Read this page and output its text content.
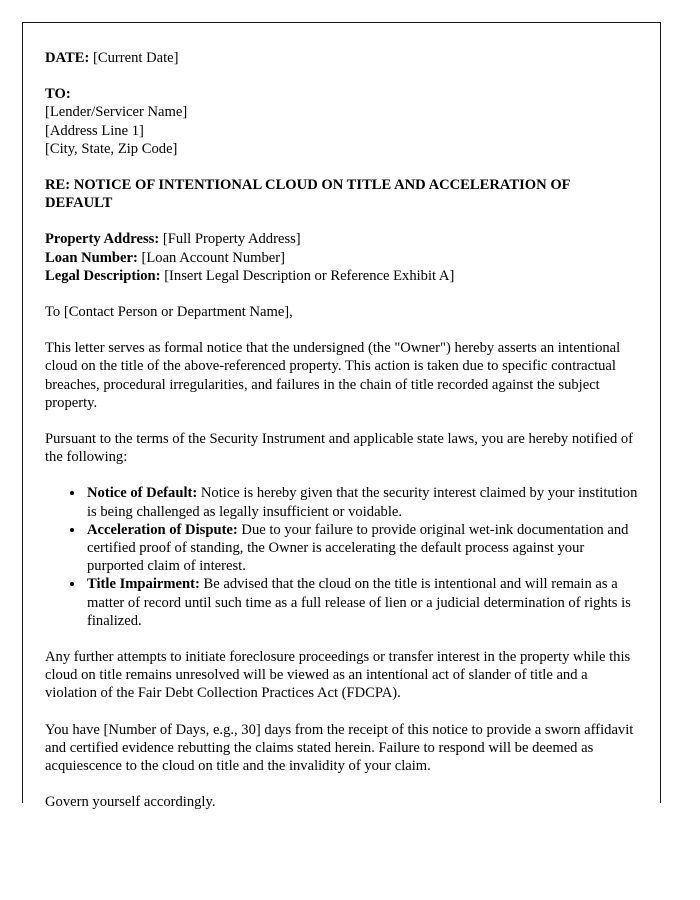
DATE: [Current Date]
TO:
[Lender/Servicer Name]
[Address Line 1]
[City, State, Zip Code]
RE: NOTICE OF INTENTIONAL CLOUD ON TITLE AND ACCELERATION OF DEFAULT
Property Address: [Full Property Address]
Loan Number: [Loan Account Number]
Legal Description: [Insert Legal Description or Reference Exhibit A]
To [Contact Person or Department Name],

This letter serves as formal notice that the undersigned (the "Owner") hereby asserts an intentional cloud on the title of the above-referenced property. This action is taken due to specific contractual breaches, procedural irregularities, and failures in the chain of title recorded against the subject property.

Pursuant to the terms of the Security Instrument and applicable state laws, you are hereby notified of the following:

• Notice of Default: Notice is hereby given that the security interest claimed by your institution is being challenged as legally insufficient or voidable.
• Acceleration of Dispute: Due to your failure to provide original wet-ink documentation and certified proof of standing, the Owner is accelerating the default process against your purported claim of interest.
• Title Impairment: Be advised that the cloud on the title is intentional and will remain as a matter of record until such time as a full release of lien or a judicial determination of rights is finalized.

Any further attempts to initiate foreclosure proceedings or transfer interest in the property while this cloud on title remains unresolved will be viewed as an intentional act of slander of title and a violation of the Fair Debt Collection Practices Act (FDCPA).

You have [Number of Days, e.g., 30] days from the receipt of this notice to provide a sworn affidavit and certified evidence rebutting the claims stated herein. Failure to respond will be deemed as acquiescence to the cloud on title and the invalidity of your claim.

Govern yourself accordingly.
